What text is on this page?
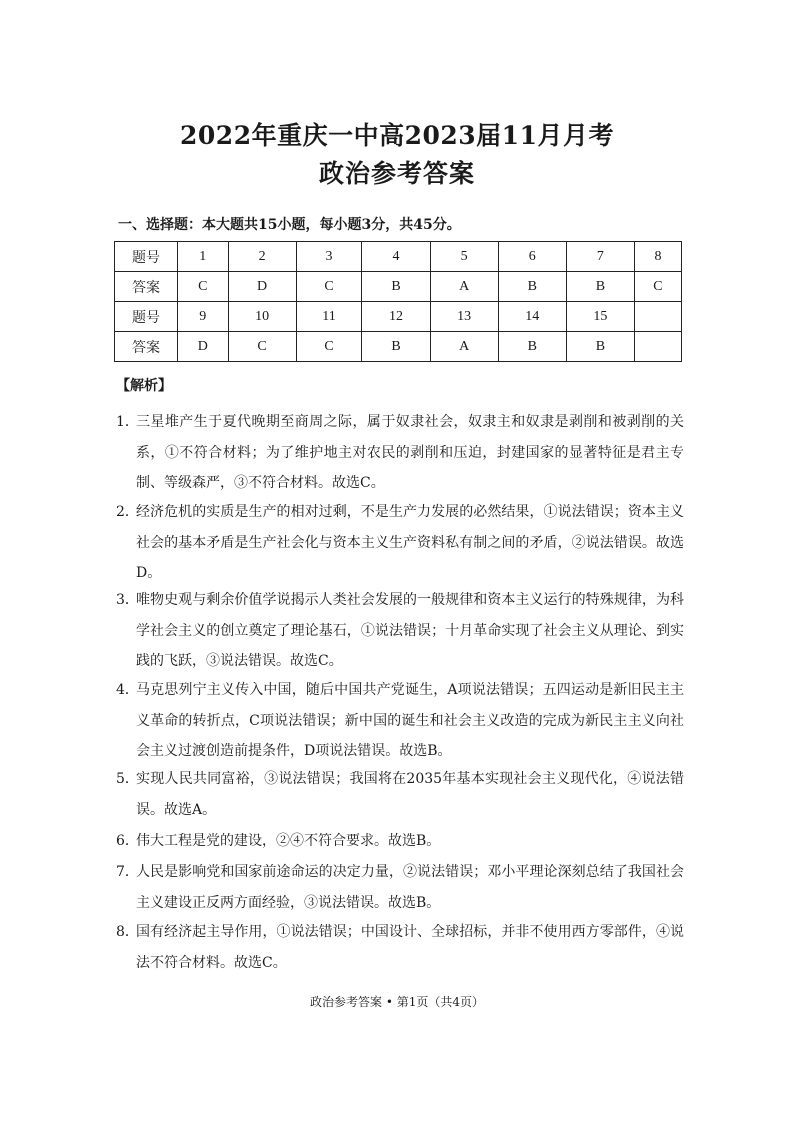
2022年重庆一中高2023届11月月考
政治参考答案
一、选择题：本大题共15小题，每小题3分，共45分。
题号	1	2	3	4	5	6	7	8
答案	C	D	C	B	A	B	B	C
题号	9	10	11	12	13	14	15	
答案	D	C	C	B	A	B	B	
【解析】
1．
三星堆产生于夏代晚期至商周之际，属于奴隶社会，奴隶主和奴隶是剥削和被剥削的关系，①不符合材料；为了维护地主对农民的剥削和压迫，封建国家的显著特征是君主专制、等级森严，③不符合材料。故选C。
2．
经济危机的实质是生产的相对过剩，不是生产力发展的必然结果，①说法错误；资本主义社会的基本矛盾是生产社会化与资本主义生产资料私有制之间的矛盾，②说法错误。故选D。
3．
唯物史观与剩余价值学说揭示人类社会发展的一般规律和资本主义运行的特殊规律，为科学社会主义的创立奠定了理论基石，①说法错误；十月革命实现了社会主义从理论、到实践的飞跃，③说法错误。故选C。
4．
马克思列宁主义传入中国，随后中国共产党诞生，A项说法错误；五四运动是新旧民主主义革命的转折点，C项说法错误；新中国的诞生和社会主义改造的完成为新民主主义向社会主义过渡创造前提条件，D项说法错误。故选B。
5．
实现人民共同富裕，③说法错误；我国将在2035年基本实现社会主义现代化，④说法错误。故选A。
6．
伟大工程是党的建设，②④不符合要求。故选B。
7．
人民是影响党和国家前途命运的决定力量，②说法错误；邓小平理论深刻总结了我国社会主义建设正反两方面经验，③说法错误。故选B。
8．
国有经济起主导作用，①说法错误；中国设计、全球招标，并非不使用西方零部件，④说法不符合材料。故选C。
政治参考答案 • 第1页（共4页）
